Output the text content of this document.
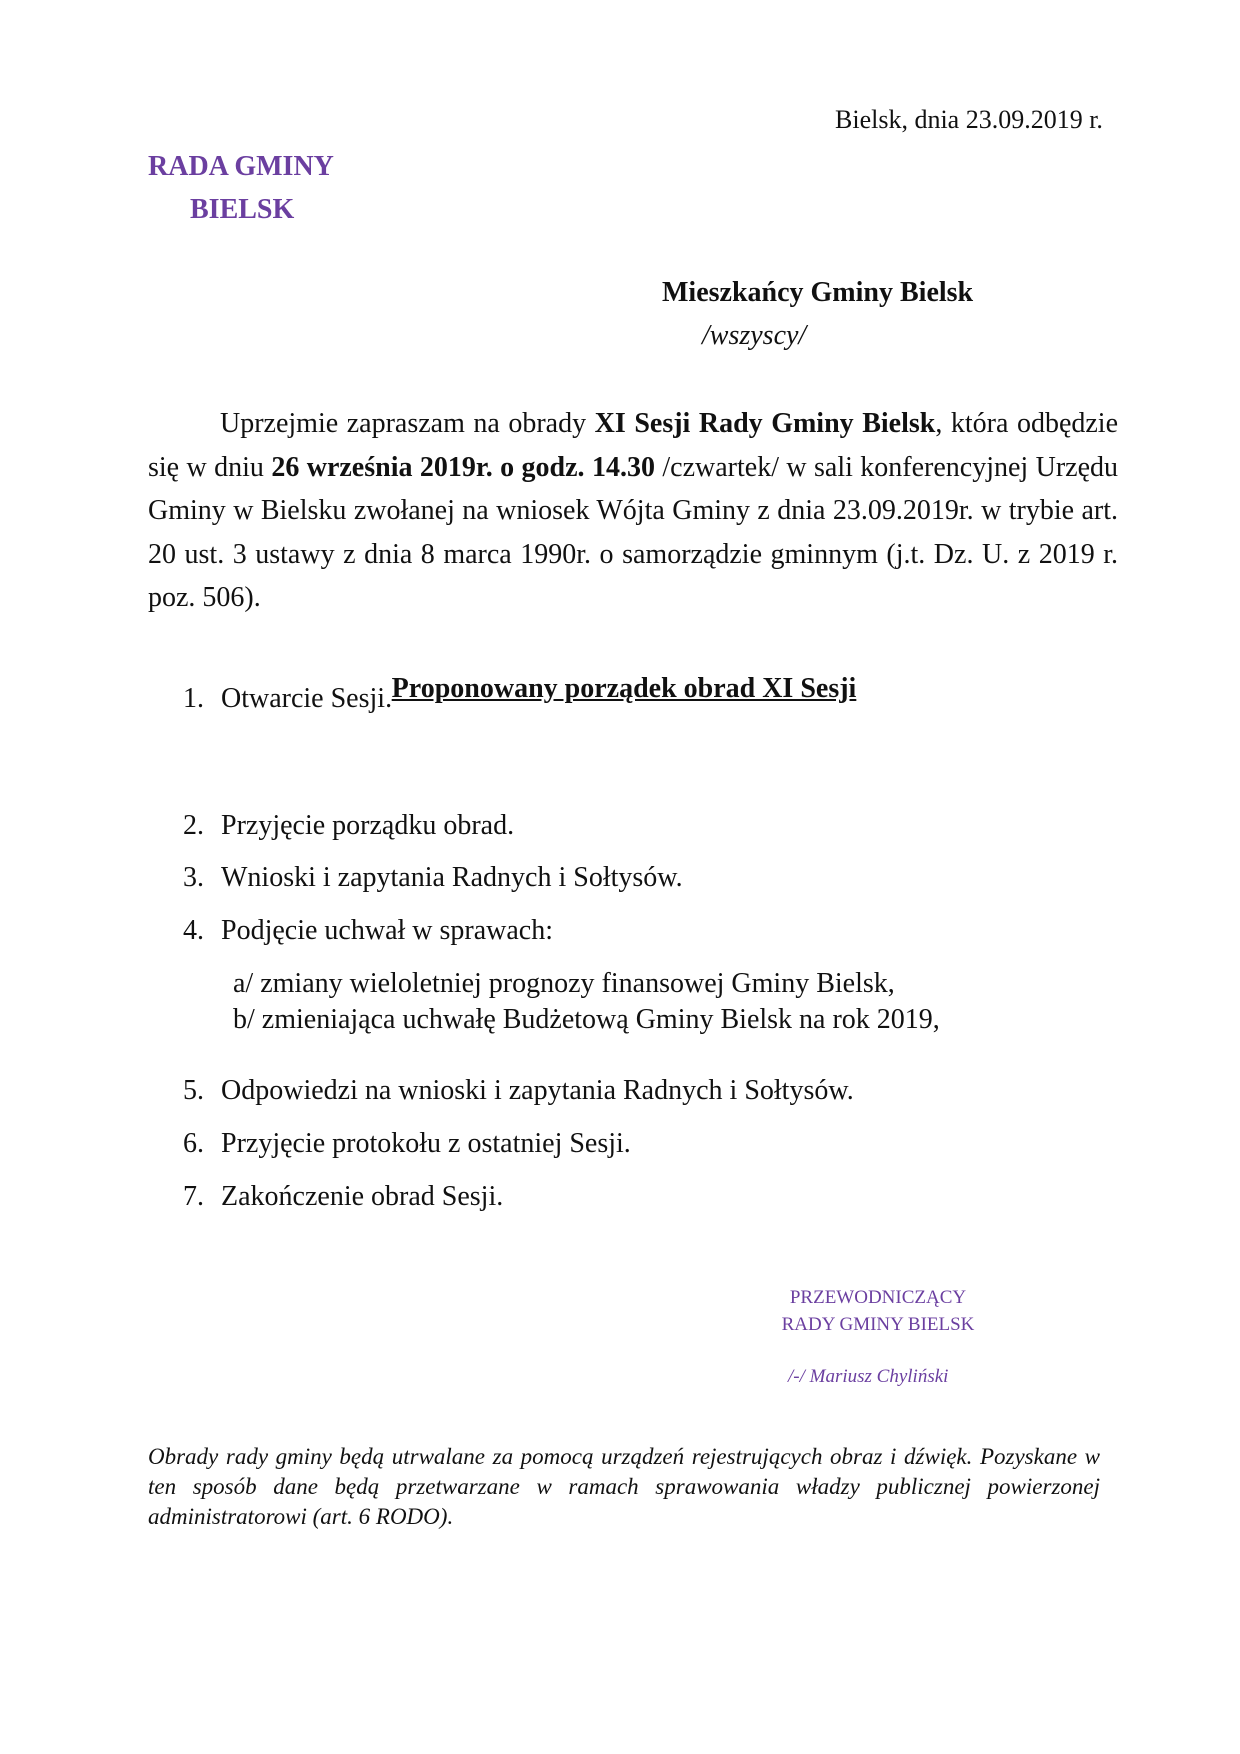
Bielsk, dnia 23.09.2019 r.
RADA GMINY
BIELSK
Mieszkańcy Gminy Bielsk
/wszyscy/

Uprzejmie zapraszam na obrady XI Sesji Rady Gminy Bielsk, która odbędzie się w dniu 26 września 2019r. o godz. 14.30 /czwartek/ w sali konferencyjnej Urzędu Gminy w Bielsku zwołanej na wniosek Wójta Gminy z dnia 23.09.2019r. w trybie art. 20 ust. 3 ustawy z dnia 8 marca 1990r. o samorządzie gminnym (j.t. Dz. U. z 2019 r. poz. 506).

Proponowany porządek obrad XI Sesji
1. Otwarcie Sesji.
2. Przyjęcie porządku obrad.
3. Wnioski i zapytania Radnych i Sołtysów.
4. Podjęcie uchwał w sprawach:
a/ zmiany wieloletniej prognozy finansowej Gminy Bielsk,
b/ zmieniająca uchwałę Budżetową Gminy Bielsk na rok 2019,
5. Odpowiedzi na wnioski i zapytania Radnych i Sołtysów.
6. Przyjęcie protokołu z ostatniej Sesji.
7. Zakończenie obrad Sesji.
PRZEWODNICZĄCY
RADY GMINY BIELSK
/-/ Mariusz Chyliński
Obrady rady gminy będą utrwalane za pomocą urządzeń rejestrujących obraz i dźwięk. Pozyskane w ten sposób dane będą przetwarzane w ramach sprawowania władzy publicznej powierzonej administratorowi (art. 6 RODO).
